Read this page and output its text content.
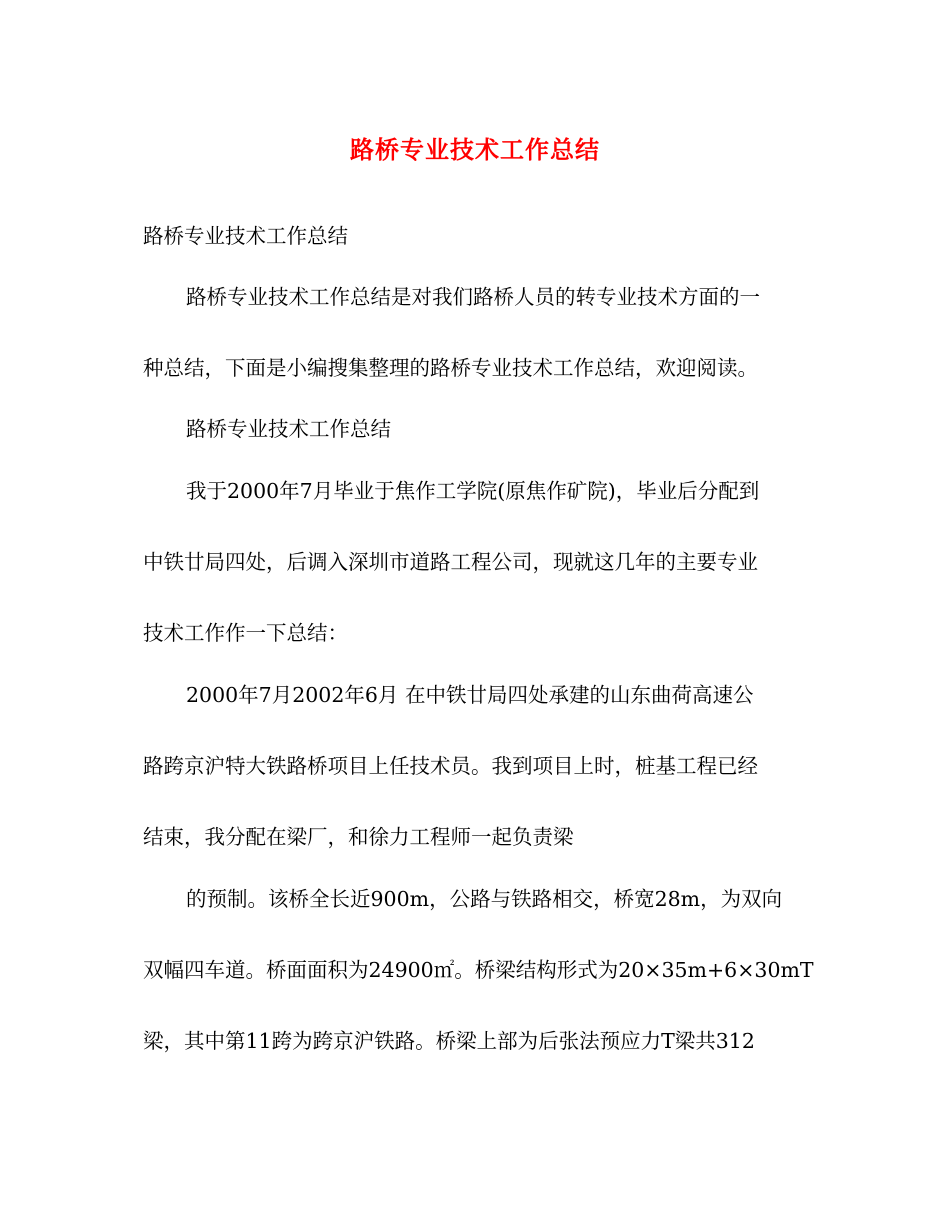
路桥专业技术工作总结
路桥专业技术工作总结
路桥专业技术工作总结是对我们路桥人员的转专业技术方面的一
种总结，下面是小编搜集整理的路桥专业技术工作总结，欢迎阅读。
路桥专业技术工作总结
我于2000年7月毕业于焦作工学院(原焦作矿院)，毕业后分配到
中铁廿局四处，后调入深圳市道路工程公司，现就这几年的主要专业
技术工作作一下总结：
2000年7月2002年6月 在中铁廿局四处承建的山东曲荷高速公
路跨京沪特大铁路桥项目上任技术员。我到项目上时，桩基工程已经
结束，我分配在梁厂，和徐力工程师一起负责梁
的预制。该桥全长近900m，公路与铁路相交，桥宽28m，为双向
双幅四车道。桥面面积为24900㎡。桥梁结构形式为20×35m+6×30mT
梁，其中第11跨为跨京沪铁路。桥梁上部为后张法预应力T梁共312
